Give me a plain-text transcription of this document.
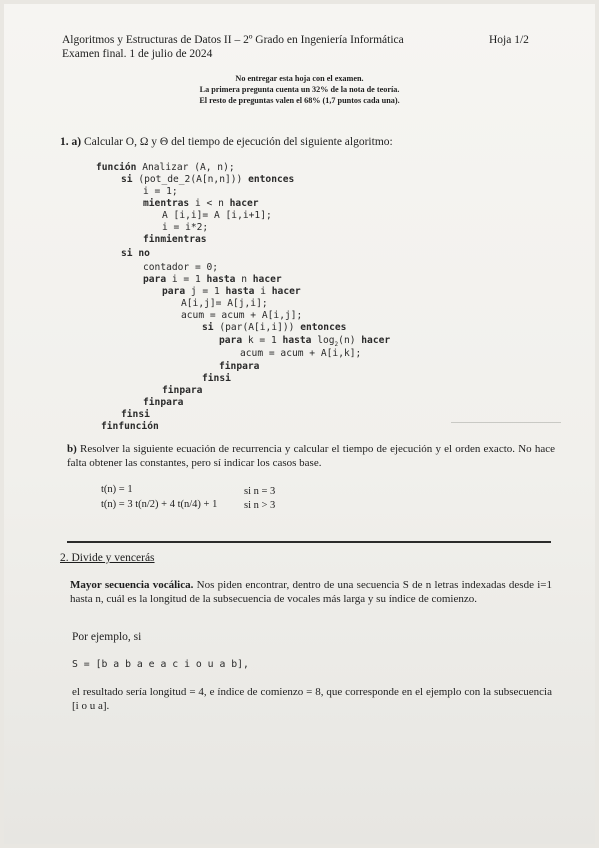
Algoritmos y Estructuras de Datos II – 2º Grado en Ingeniería Informática	Hoja 1/2
Examen final. 1 de julio de 2024
No entregar esta hoja con el examen.
La primera pregunta cuenta un 32% de la nota de teoría.
El resto de preguntas valen el 68% (1,7 puntos cada una).
1. a) Calcular O, Ω y Θ del tiempo de ejecución del siguiente algoritmo:
función Analizar (A, n);
si (pot_de_2(A[n,n])) entonces
i = 1;
mientras i < n hacer
A [i,i]= A [i,i+1];
i = i*2;
finmientras
si no
contador = 0;
para i = 1 hasta n hacer
para j = 1 hasta i hacer
A[i,j]= A[j,i];
acum = acum + A[i,j];
si (par(A[i,i])) entonces
para k = 1 hasta $\log_2(n)$ hacer
acum = acum + A[i,k];
finpara
finsi
finpara
finpara
finsi
finfunción
b) Resolver la siguiente ecuación de recurrencia y calcular el tiempo de ejecución y el orden exacto. No hace falta obtener las constantes, pero sí indicar los casos base.
t(n) = 1	si n = 3
t(n) = 3 t(n/2) + 4 t(n/4) + 1	si n > 3
2. Divide y vencerás
Mayor secuencia vocálica. Nos piden encontrar, dentro de una secuencia S de n letras indexadas desde i=1 hasta n, cuál es la longitud de la subsecuencia de vocales más larga y su índice de comienzo.
Por ejemplo, si
S = [b a b a e a c i o u a b],
el resultado sería longitud = 4, e índice de comienzo = 8, que corresponde en el ejemplo con la subsecuencia [i o u a].
